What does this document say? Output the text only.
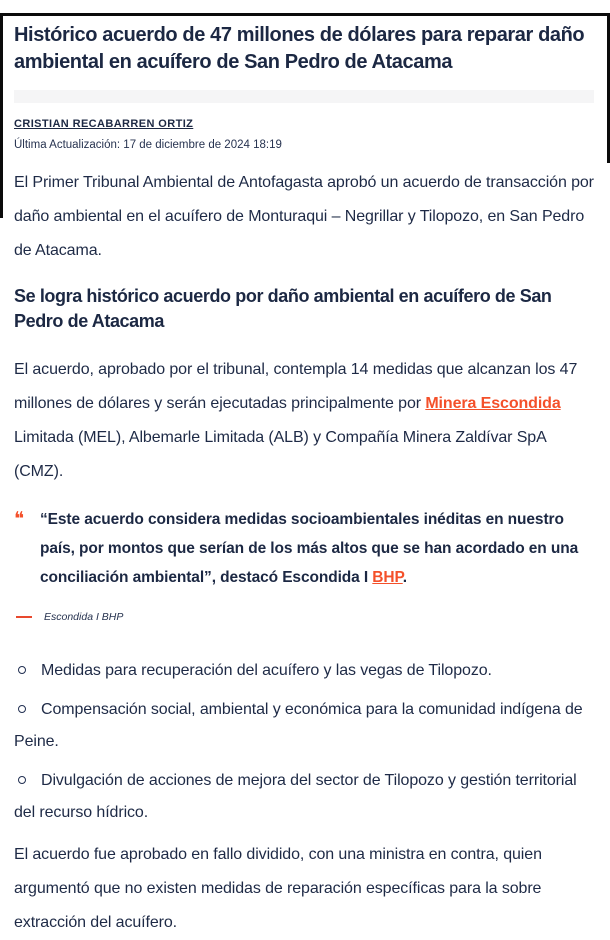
Histórico acuerdo de 47 millones de dólares para reparar daño ambiental en acuífero de San Pedro de Atacama
CRISTIAN RECABARREN ORTIZ
Última Actualización: 17 de diciembre de 2024 18:19

El Primer Tribunal Ambiental de Antofagasta aprobó un acuerdo de transacción por daño ambiental en el acuífero de Monturaqui – Negrillar y Tilopozo, en San Pedro de Atacama.

Se logra histórico acuerdo por daño ambiental en acuífero de San Pedro de Atacama

El acuerdo, aprobado por el tribunal, contempla 14 medidas que alcanzan los 47 millones de dólares y serán ejecutadas principalmente por Minera Escondida Limitada (MEL), Albemarle Limitada (ALB) y Compañía Minera Zaldívar SpA (CMZ).

❝	“Este acuerdo considera medidas socioambientales inéditas en nuestro país, por montos que serían de los más altos que se han acordado en una conciliación ambiental”, destacó Escondida I BHP.
Escondida I BHP
Medidas para recuperación del acuífero y las vegas de Tilopozo.
Compensación social, ambiental y económica para la comunidad indígena de Peine.
Divulgación de acciones de mejora del sector de Tilopozo y gestión territorial del recurso hídrico.

El acuerdo fue aprobado en fallo dividido, con una ministra en contra, quien argumentó que no existen medidas de reparación específicas para la sobre extracción del acuífero.
